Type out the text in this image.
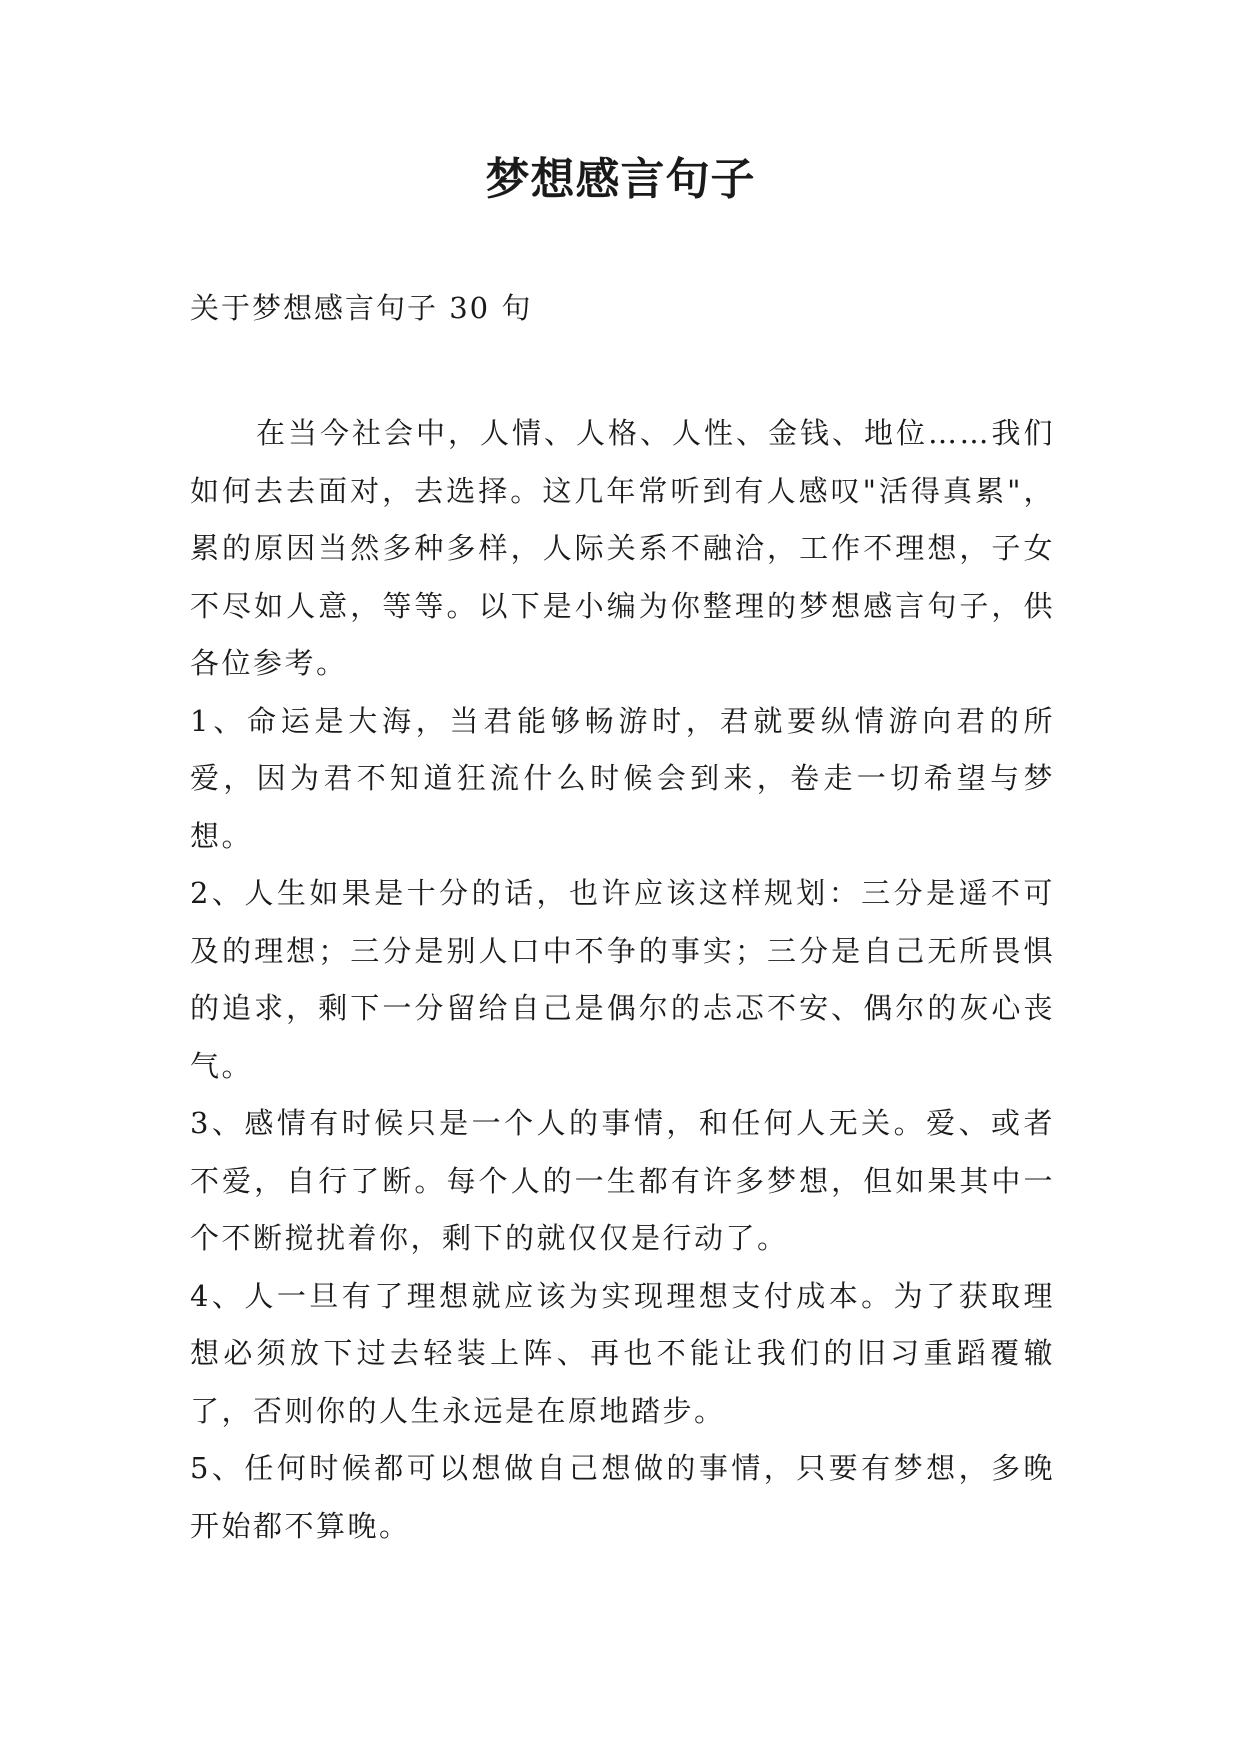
梦想感言句子
关于梦想感言句子 30 句

在当今社会中，人情、人格、人性、金钱、地位……我们如何去去面对，去选择。这几年常听到有人感叹"活得真累"，累的原因当然多种多样，人际关系不融洽，工作不理想，子女不尽如人意，等等。以下是小编为你整理的梦想感言句子，供各位参考。

1、命运是大海，当君能够畅游时，君就要纵情游向君的所爱，因为君不知道狂流什么时候会到来，卷走一切希望与梦想。

2、人生如果是十分的话，也许应该这样规划：三分是遥不可及的理想；三分是别人口中不争的事实；三分是自己无所畏惧的追求，剩下一分留给自己是偶尔的忐忑不安、偶尔的灰心丧气。

3、感情有时候只是一个人的事情，和任何人无关。爱、或者不爱，自行了断。每个人的一生都有许多梦想，但如果其中一个不断搅扰着你，剩下的就仅仅是行动了。

4、人一旦有了理想就应该为实现理想支付成本。为了获取理想必须放下过去轻装上阵、再也不能让我们的旧习重蹈覆辙了，否则你的人生永远是在原地踏步。

5、任何时候都可以想做自己想做的事情，只要有梦想，多晚开始都不算晚。
